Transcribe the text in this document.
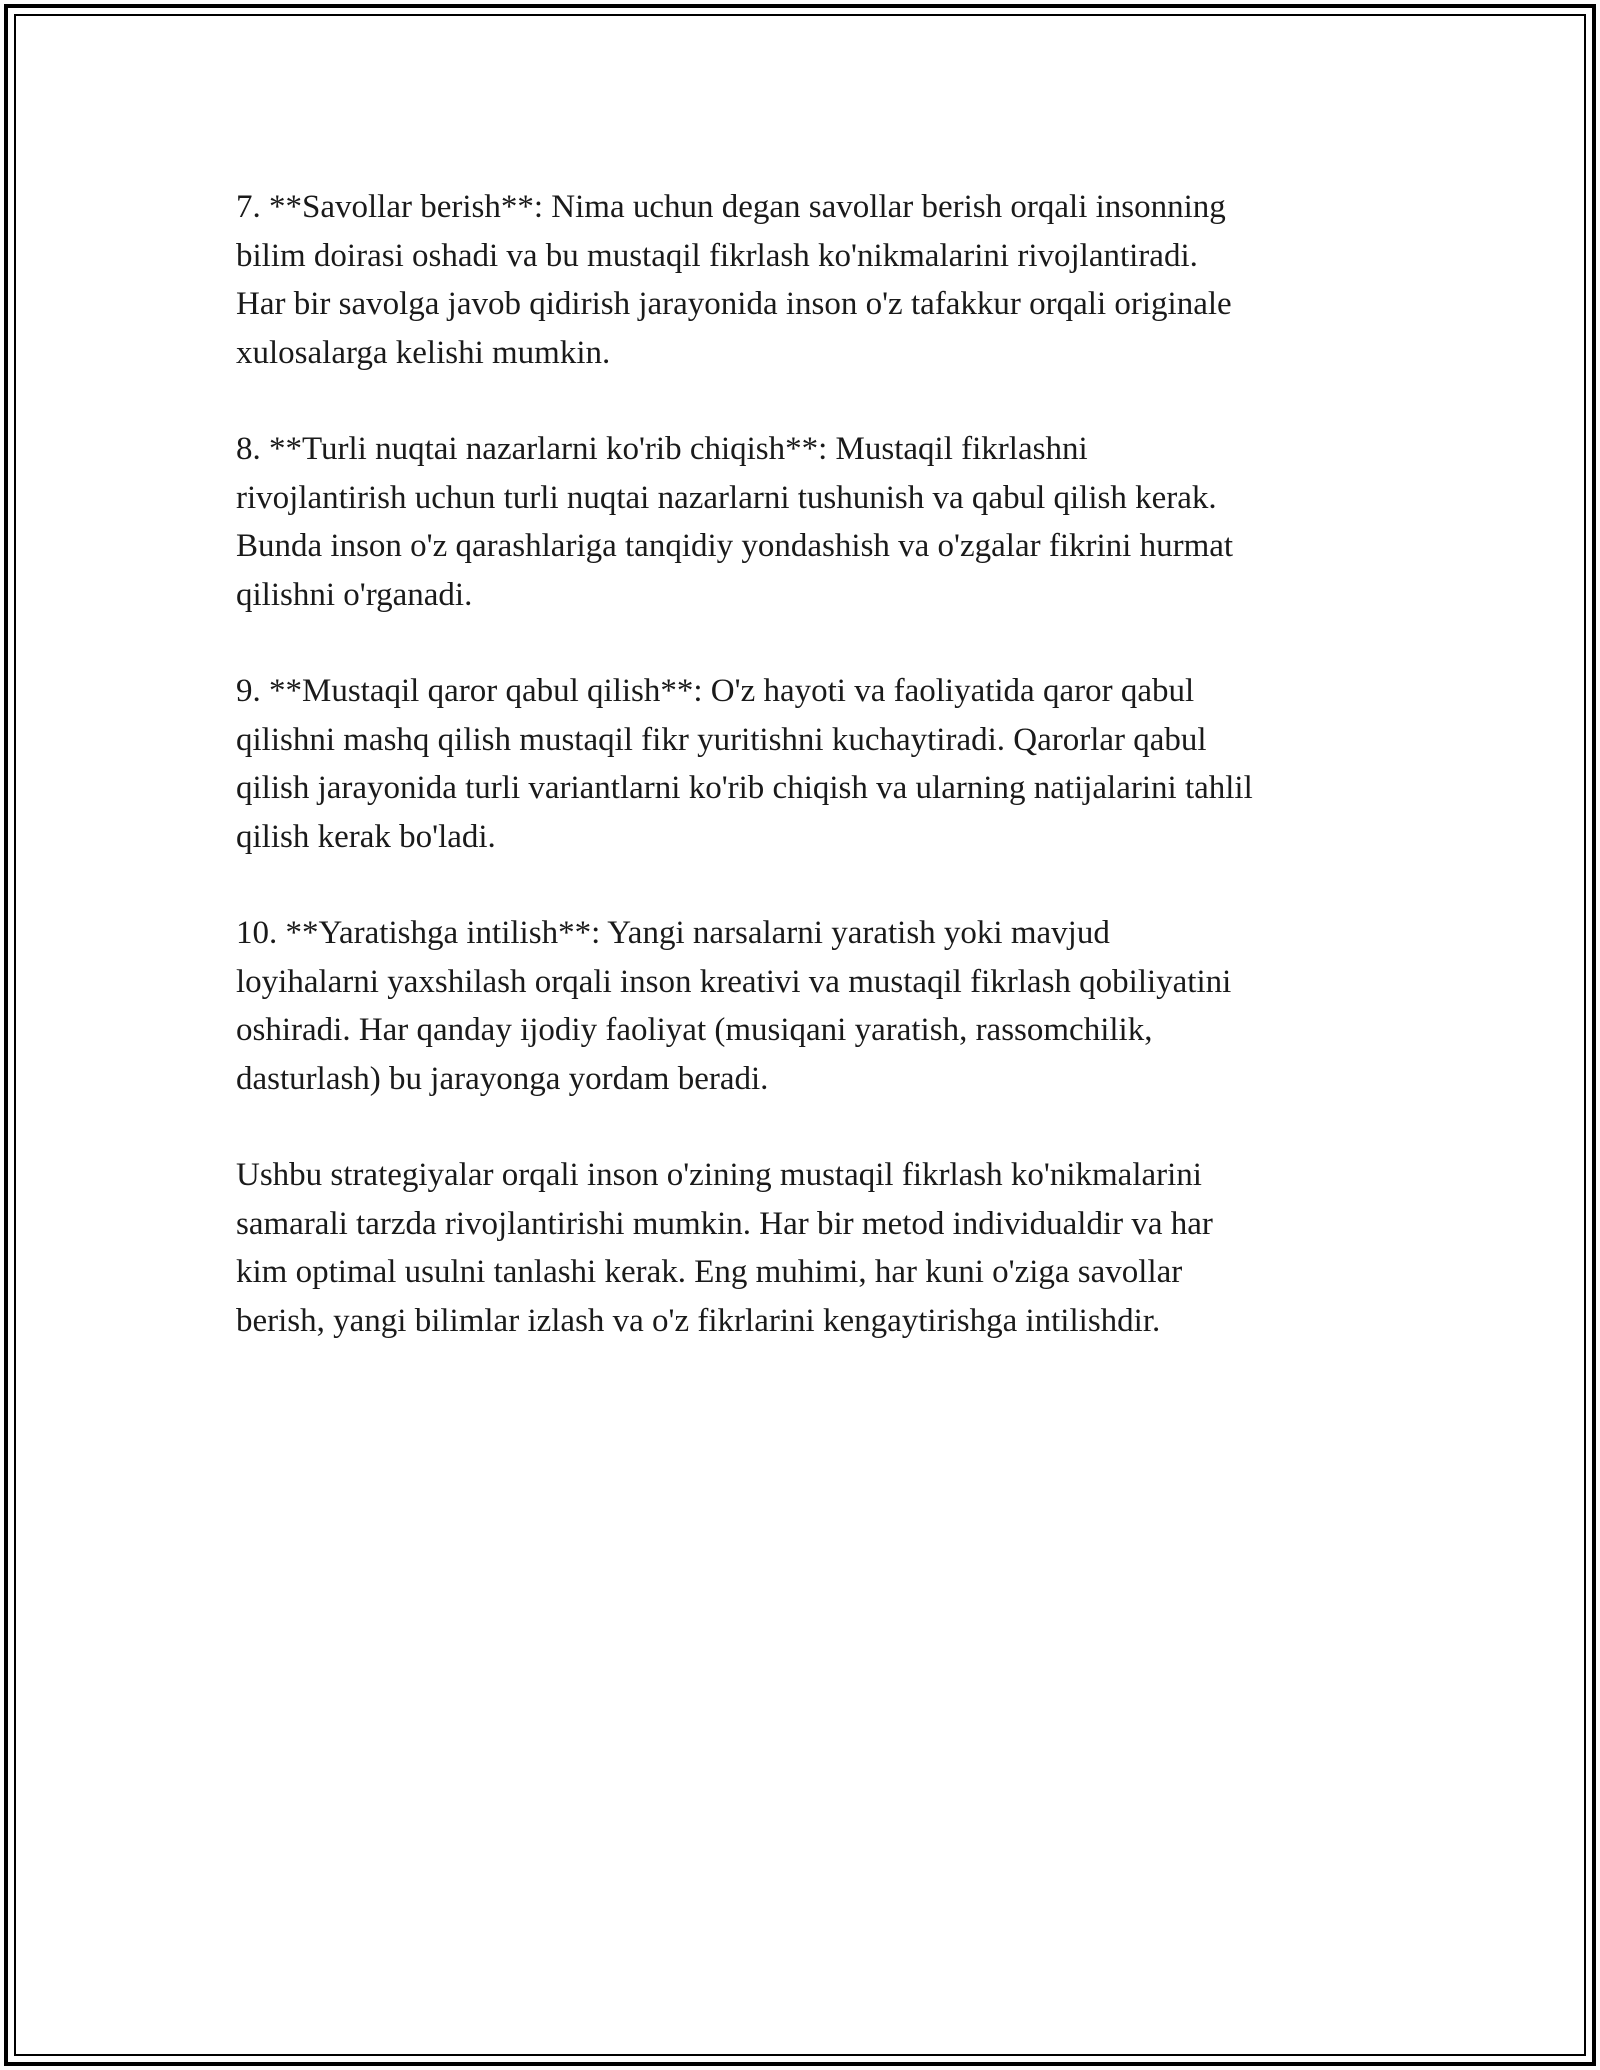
7. **Savollar berish**: Nima uchun degan savollar berish orqali insonning
bilim doirasi oshadi va bu mustaqil fikrlash ko'nikmalarini rivojlantiradi.
Har bir savolga javob qidirish jarayonida inson o'z tafakkur orqali originale
xulosalarga kelishi mumkin.

8. **Turli nuqtai nazarlarni ko'rib chiqish**: Mustaqil fikrlashni
rivojlantirish uchun turli nuqtai nazarlarni tushunish va qabul qilish kerak.
Bunda inson o'z qarashlariga tanqidiy yondashish va o'zgalar fikrini hurmat
qilishni o'rganadi.

9. **Mustaqil qaror qabul qilish**: O'z hayoti va faoliyatida qaror qabul
qilishni mashq qilish mustaqil fikr yuritishni kuchaytiradi. Qarorlar qabul
qilish jarayonida turli variantlarni ko'rib chiqish va ularning natijalarini tahlil
qilish kerak bo'ladi.

10. **Yaratishga intilish**: Yangi narsalarni yaratish yoki mavjud
loyihalarni yaxshilash orqali inson kreativi va mustaqil fikrlash qobiliyatini
oshiradi. Har qanday ijodiy faoliyat (musiqani yaratish, rassomchilik,
dasturlash) bu jarayonga yordam beradi.

Ushbu strategiyalar orqali inson o'zining mustaqil fikrlash ko'nikmalarini
samarali tarzda rivojlantirishi mumkin. Har bir metod individualdir va har
kim optimal usulni tanlashi kerak. Eng muhimi, har kuni o'ziga savollar
berish, yangi bilimlar izlash va o'z fikrlarini kengaytirishga intilishdir.
